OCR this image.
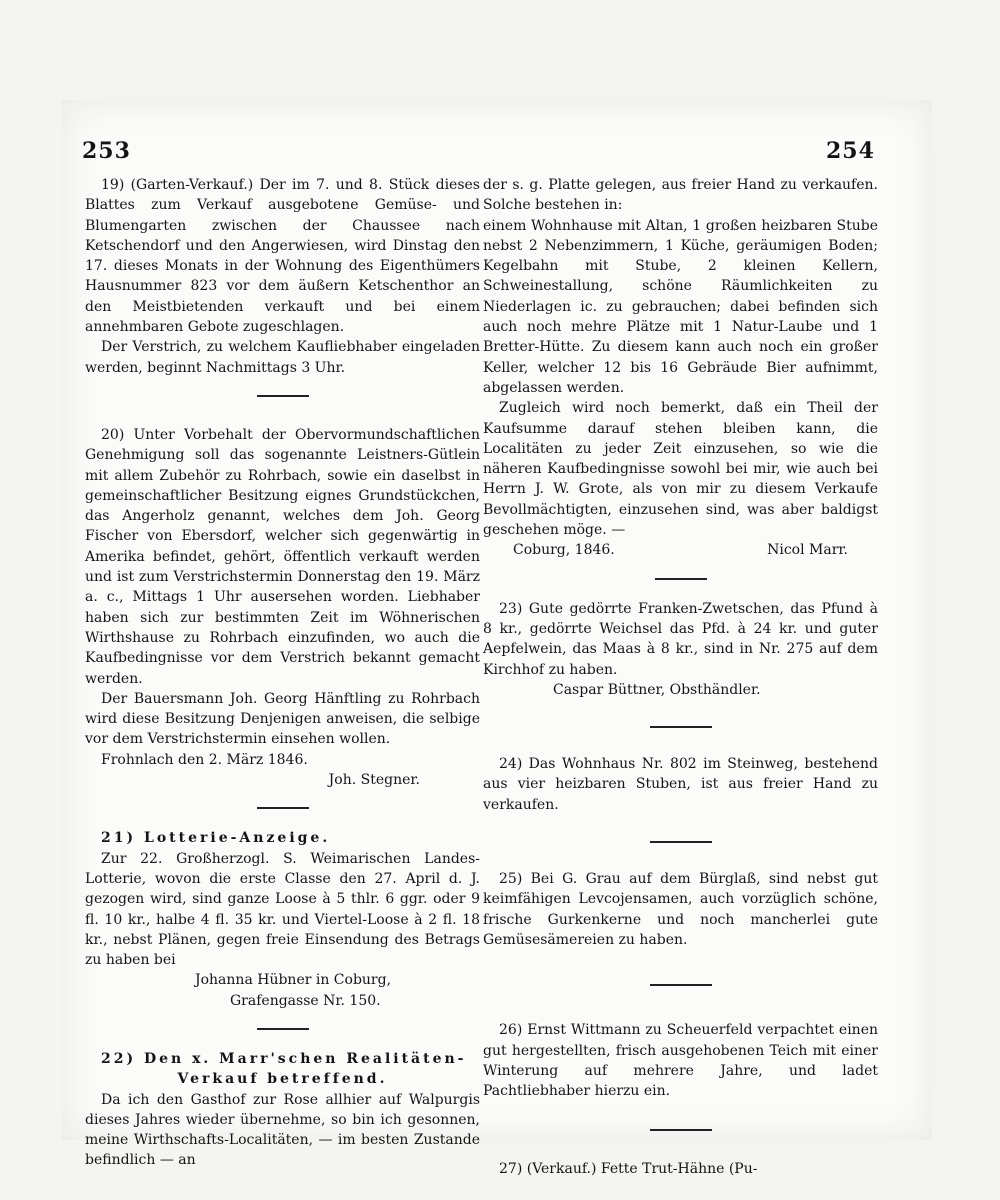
253	254

19) (Garten-Verkauf.) Der im 7. und 8. Stück dieses Blattes zum Verkauf ausgebotene Gemüse- und Blumengarten zwischen der Chaussee nach Ketschendorf und den Angerwiesen, wird Dinstag den 17. dieses Monats in der Wohnung des Eigenthümers Hausnummer 823 vor dem äußern Ketschenthor an den Meistbietenden verkauft und bei einem annehmbaren Gebote zugeschlagen.

Der Verstrich, zu welchem Kaufliebhaber eingeladen werden, beginnt Nachmittags 3 Uhr.

20) Unter Vorbehalt der Obervormundschaftlichen Genehmigung soll das sogenannte Leistners-Gütlein mit allem Zubehör zu Rohrbach, sowie ein daselbst in gemeinschaftlicher Besitzung eignes Grundstückchen, das Angerholz genannt, welches dem Joh. Georg Fischer von Ebersdorf, welcher sich gegenwärtig in Amerika befindet, gehört, öffentlich verkauft werden und ist zum Verstrichstermin Donnerstag den 19. März a. c., Mittags 1 Uhr ausersehen worden. Liebhaber haben sich zur bestimmten Zeit im Wöhnerischen Wirthshause zu Rohrbach einzufinden, wo auch die Kaufbedingnisse vor dem Verstrich bekannt gemacht werden.

Der Bauersmann Joh. Georg Hänftling zu Rohrbach wird diese Besitzung Denjenigen anweisen, die selbige vor dem Verstrichstermin einsehen wollen.

Frohnlach den 2. März 1846.

Joh. Stegner.
21) Lotterie-Anzeige.

Zur 22. Großherzogl. S. Weimarischen Landes-Lotterie, wovon die erste Classe den 27. April d. J. gezogen wird, sind ganze Loose à 5 thlr. 6 ggr. oder 9 fl. 10 kr., halbe 4 fl. 35 kr. und Viertel-Loose à 2 fl. 18 kr., nebst Plänen, gegen freie Einsendung des Betrags zu haben bei

Johanna Hübner in Coburg,
Grafengasse Nr. 150.
22) Den x. Marr'schen Realitäten-
Verkauf betreffend.

Da ich den Gasthof zur Rose allhier auf Walpurgis dieses Jahres wieder übernehme, so bin ich gesonnen, meine Wirthschafts-Localitäten, — im besten Zustande befindlich — an

der s. g. Platte gelegen, aus freier Hand zu verkaufen. Solche bestehen in:

einem Wohnhause mit Altan, 1 großen heizbaren Stube nebst 2 Nebenzimmern, 1 Küche, geräumigen Boden; Kegelbahn mit Stube, 2 kleinen Kellern, Schweinestallung, schöne Räumlichkeiten zu Niederlagen ic. zu gebrauchen; dabei befinden sich auch noch mehre Plätze mit 1 Natur-Laube und 1 Bretter-Hütte. Zu diesem kann auch noch ein großer Keller, welcher 12 bis 16 Gebräude Bier aufnimmt, abgelassen werden.

Zugleich wird noch bemerkt, daß ein Theil der Kaufsumme darauf stehen bleiben kann, die Localitäten zu jeder Zeit einzusehen, so wie die näheren Kaufbedingnisse sowohl bei mir, wie auch bei Herrn J. W. Grote, als von mir zu diesem Verkaufe Bevollmächtigten, einzusehen sind, was aber baldigst geschehen möge. —

Coburg, 1846.	Nicol Marr.

23) Gute gedörrte Franken-Zwetschen, das Pfund à 8 kr., gedörrte Weichsel das Pfd. à 24 kr. und guter Aepfelwein, das Maas à 8 kr., sind in Nr. 275 auf dem Kirchhof zu haben.

Caspar Büttner, Obsthändler.

24) Das Wohnhaus Nr. 802 im Steinweg, bestehend aus vier heizbaren Stuben, ist aus freier Hand zu verkaufen.

25) Bei G. Grau auf dem Bürglaß, sind nebst gut keimfähigen Levcojensamen, auch vorzüglich schöne, frische Gurkenkerne und noch mancherlei gute Gemüsesämereien zu haben.

26) Ernst Wittmann zu Scheuerfeld verpachtet einen gut hergestellten, frisch ausgehobenen Teich mit einer Winterung auf mehrere Jahre, und ladet Pachtliebhaber hierzu ein.

27) (Verkauf.) Fette Trut-Hähne (Pu-
